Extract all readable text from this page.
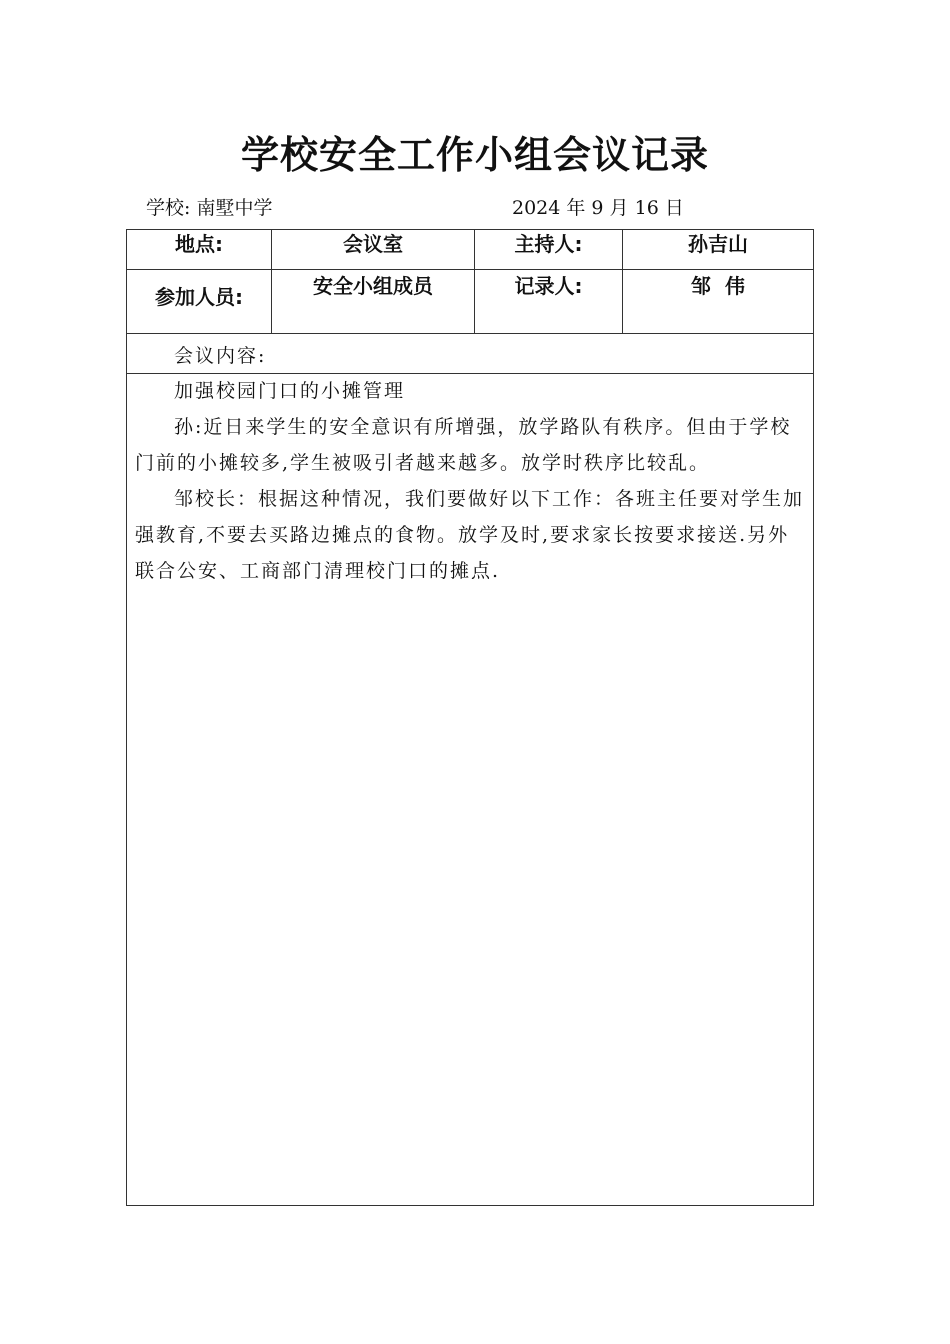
学校安全工作小组会议记录
学校: 南墅中学	2024 年 9 月 16 日
地点:	会议室	主持人:	孙吉山
参加人员:	安全小组成员	记录人:	邹  伟
会议内容:

加强校园门口的小摊管理

孙:近日来学生的安全意识有所增强，放学路队有秩序。但由于学校门前的小摊较多,学生被吸引者越来越多。放学时秩序比较乱。

邹校长：根据这种情况，我们要做好以下工作：各班主任要对学生加强教育,不要去买路边摊点的食物。放学及时,要求家长按要求接送.另外联合公安、工商部门清理校门口的摊点.
